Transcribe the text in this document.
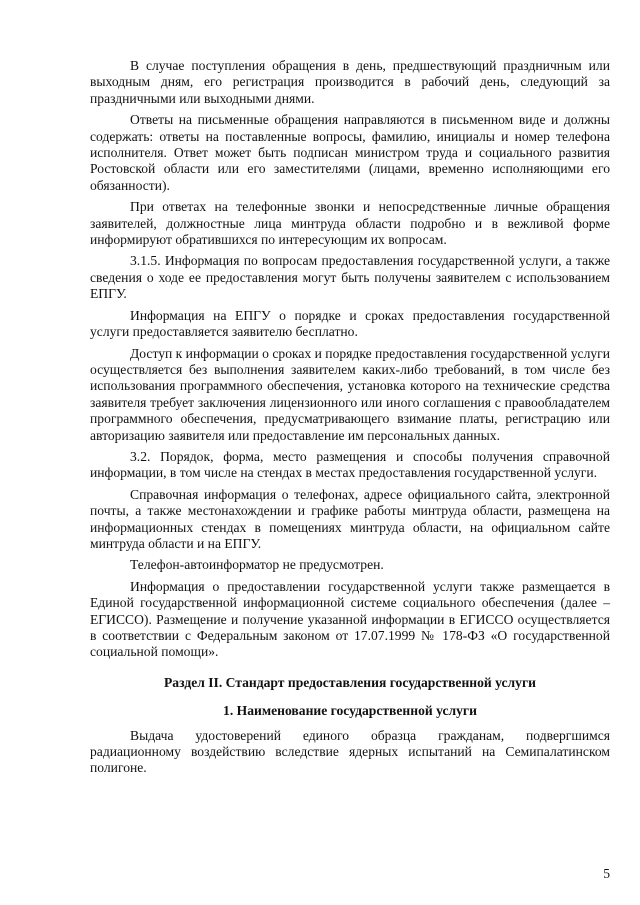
В случае поступления обращения в день, предшествующий праздничным или выходным дням, его регистрация производится в рабочий день, следующий за праздничными или выходными днями.

Ответы на письменные обращения направляются в письменном виде и должны содержать: ответы на поставленные вопросы, фамилию, инициалы и номер телефона исполнителя. Ответ может быть подписан министром труда и социального развития Ростовской области или его заместителями (лицами, временно исполняющими его обязанности).

При ответах на телефонные звонки и непосредственные личные обращения заявителей, должностные лица минтруда области подробно и в вежливой форме информируют обратившихся по интересующим их вопросам.

3.1.5. Информация по вопросам предоставления государственной услуги, а также сведения о ходе ее предоставления могут быть получены заявителем с использованием ЕПГУ.

Информация на ЕПГУ о порядке и сроках предоставления государственной услуги предоставляется заявителю бесплатно.

Доступ к информации о сроках и порядке предоставления государственной услуги осуществляется без выполнения заявителем каких-либо требований, в том числе без использования программного обеспечения, установка которого на технические средства заявителя требует заключения лицензионного или иного соглашения с правообладателем программного обеспечения, предусматривающего взимание платы, регистрацию или авторизацию заявителя или предоставление им персональных данных.

3.2. Порядок, форма, место размещения и способы получения справочной информации, в том числе на стендах в местах предоставления государственной услуги.

Справочная информация о телефонах, адресе официального сайта, электронной почты, а также местонахождении и графике работы минтруда области, размещена на информационных стендах в помещениях минтруда области, на официальном сайте минтруда области и на ЕПГУ.

Телефон-автоинформатор не предусмотрен.

Информация о предоставлении государственной услуги также размещается в Единой государственной информационной системе социального обеспечения (далее – ЕГИССО). Размещение и получение указанной информации в ЕГИССО осуществляется в соответствии с Федеральным законом от 17.07.1999 № 178-ФЗ «О государственной социальной помощи».

Раздел II. Стандарт предоставления государственной услуги
1. Наименование государственной услуги

Выдача удостоверений единого образца гражданам, подвергшимся радиационному воздействию вследствие ядерных испытаний на Семипалатинском полигоне.

5
